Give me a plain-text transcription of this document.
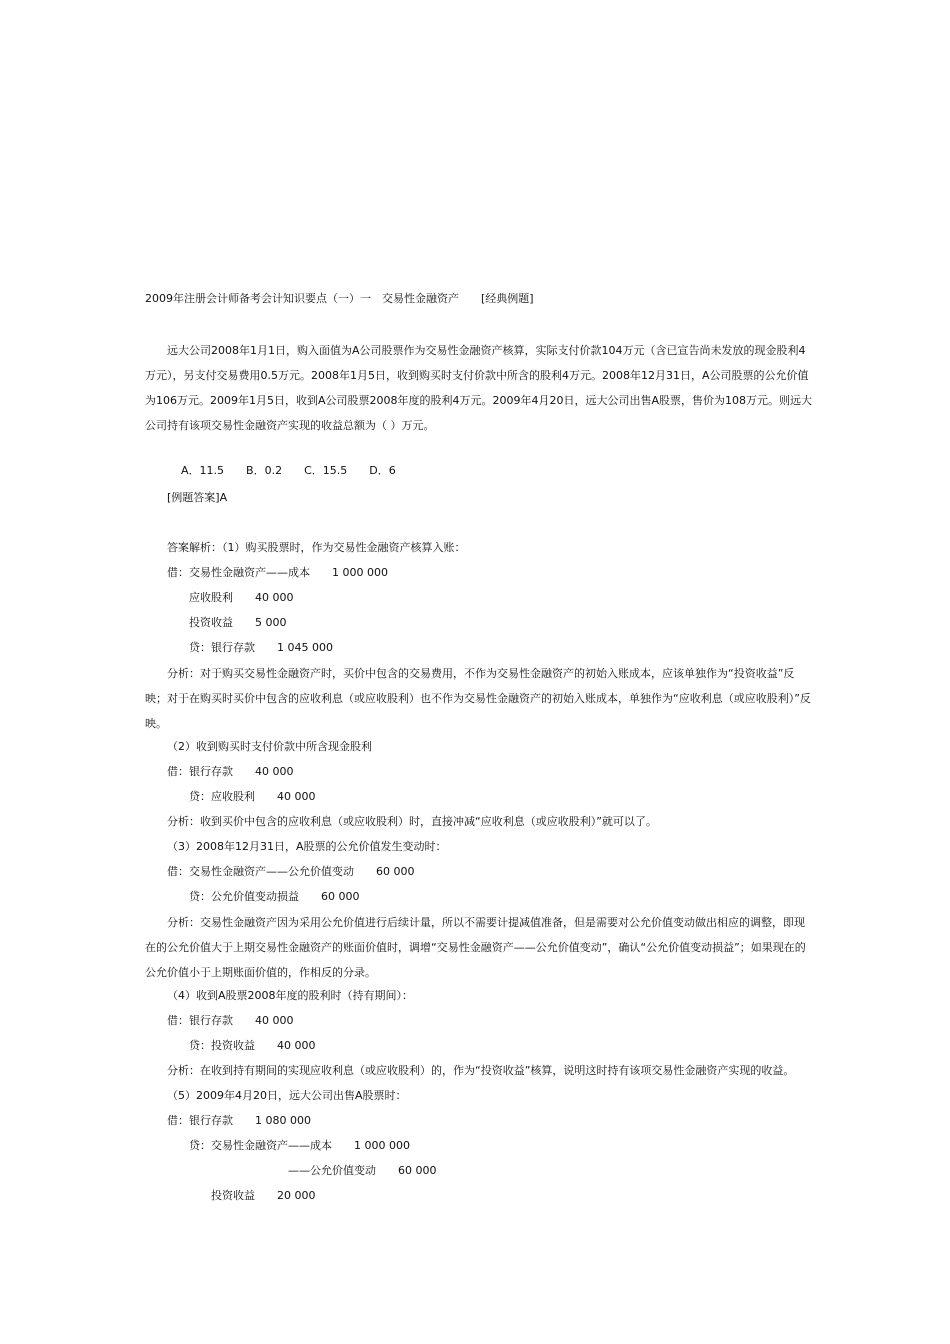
2009年注册会计师备考会计知识要点（一）一　交易性金融资产　　[经典例题]
远大公司2008年1月1日，购入面值为A公司股票作为交易性金融资产核算，实际支付价款104万元（含已宣告尚未发放的现金股利4万元），另支付交易费用0.5万元。2008年1月5日，收到购买时支付价款中所含的股利4万元。2008年12月31日，A公司股票的公允价值为106万元。2009年1月5日，收到A公司股票2008年度的股利4万元。2009年4月20日，远大公司出售A股票，售价为108万元。则远大公司持有该项交易性金融资产实现的收益总额为（ ）万元。

A．11.5 B．0.2 C．15.5 D．6

[例题答案]A
答案解析：（1）购买股票时，作为交易性金融资产核算入账：
借：交易性金融资产——成本　　1 000 000
应收股利　　40 000
投资收益　　5 000
贷：银行存款　　1 045 000
分析：对于购买交易性金融资产时，买价中包含的交易费用，不作为交易性金融资产的初始入账成本，应该单独作为“投资收益”反映；对于在购买时买价中包含的应收利息（或应收股利）也不作为交易性金融资产的初始入账成本，单独作为“应收利息（或应收股利）”反映。
（2）收到购买时支付价款中所含现金股利
借：银行存款　　40 000
贷：应收股利　　40 000
分析：收到买价中包含的应收利息（或应收股利）时，直接冲减“应收利息（或应收股利）”就可以了。
（3）2008年12月31日，A股票的公允价值发生变动时：
借：交易性金融资产——公允价值变动　　60 000
贷：公允价值变动损益　　60 000
分析：交易性金融资产因为采用公允价值进行后续计量，所以不需要计提减值准备，但是需要对公允价值变动做出相应的调整，即现在的公允价值大于上期交易性金融资产的账面价值时，调增“交易性金融资产——公允价值变动”，确认“公允价值变动损益”；如果现在的公允价值小于上期账面价值的，作相反的分录。
（4）收到A股票2008年度的股利时（持有期间）：
借：银行存款　　40 000
贷：投资收益　　40 000
分析：在收到持有期间的实现应收利息（或应收股利）的，作为“投资收益”核算，说明这时持有该项交易性金融资产实现的收益。
（5）2009年4月20日，远大公司出售A股票时：
借：银行存款　　1 080 000
贷：交易性金融资产——成本　　1 000 000
——公允价值变动　　60 000
投资收益　　20 000
